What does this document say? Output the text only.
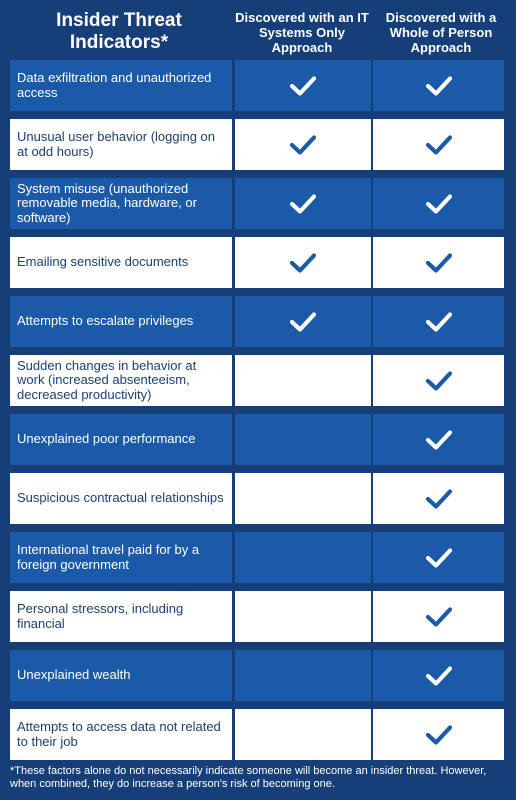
Insider Threat Indicators*
Discovered with an IT Systems Only Approach
Discovered with a Whole of Person Approach
Data exfiltration and unauthorized access
Unusual user behavior (logging on at odd hours)
System misuse (unauthorized removable media, hardware, or software)
Emailing sensitive documents
Attempts to escalate privileges
Sudden changes in behavior at work (increased absenteeism, decreased productivity)
Unexplained poor performance
Suspicious contractual relationships
International travel paid for by a foreign government
Personal stressors, including financial
Unexplained wealth
Attempts to access data not related to their job
*These factors alone do not necessarily indicate someone will become an insider threat. However, when combined, they do increase a person's risk of becoming one.
